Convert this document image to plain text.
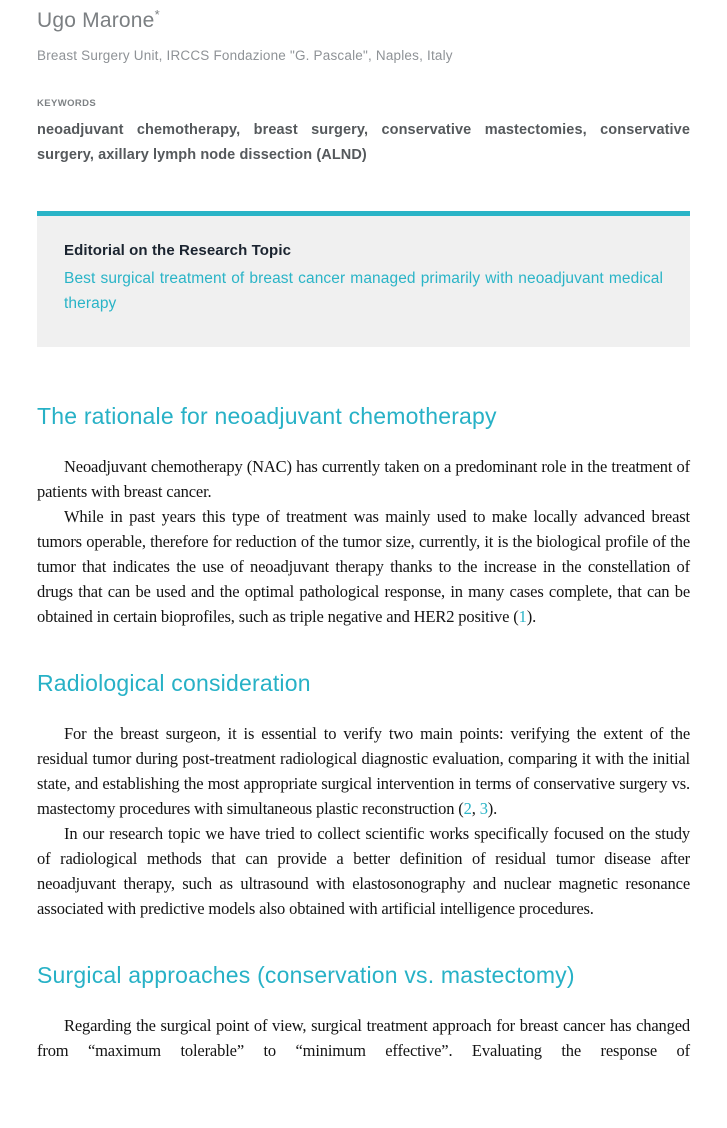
Ugo Marone*
Breast Surgery Unit, IRCCS Fondazione "G. Pascale", Naples, Italy
KEYWORDS
neoadjuvant chemotherapy, breast surgery, conservative mastectomies, conservative surgery, axillary lymph node dissection (ALND)
Editorial on the Research Topic
Best surgical treatment of breast cancer managed primarily with neoadjuvant medical therapy
The rationale for neoadjuvant chemotherapy

Neoadjuvant chemotherapy (NAC) has currently taken on a predominant role in the treatment of patients with breast cancer.

While in past years this type of treatment was mainly used to make locally advanced breast tumors operable, therefore for reduction of the tumor size, currently, it is the biological profile of the tumor that indicates the use of neoadjuvant therapy thanks to the increase in the constellation of drugs that can be used and the optimal pathological response, in many cases complete, that can be obtained in certain bioprofiles, such as triple negative and HER2 positive (1).

Radiological consideration

For the breast surgeon, it is essential to verify two main points: verifying the extent of the residual tumor during post-treatment radiological diagnostic evaluation, comparing it with the initial state, and establishing the most appropriate surgical intervention in terms of conservative surgery vs. mastectomy procedures with simultaneous plastic reconstruction (2, 3).

In our research topic we have tried to collect scientific works specifically focused on the study of radiological methods that can provide a better definition of residual tumor disease after neoadjuvant therapy, such as ultrasound with elastosonography and nuclear magnetic resonance associated with predictive models also obtained with artificial intelligence procedures.

Surgical approaches (conservation vs. mastectomy)

Regarding the surgical point of view, surgical treatment approach for breast cancer has changed from “maximum tolerable” to “minimum effective”. Evaluating the response of
